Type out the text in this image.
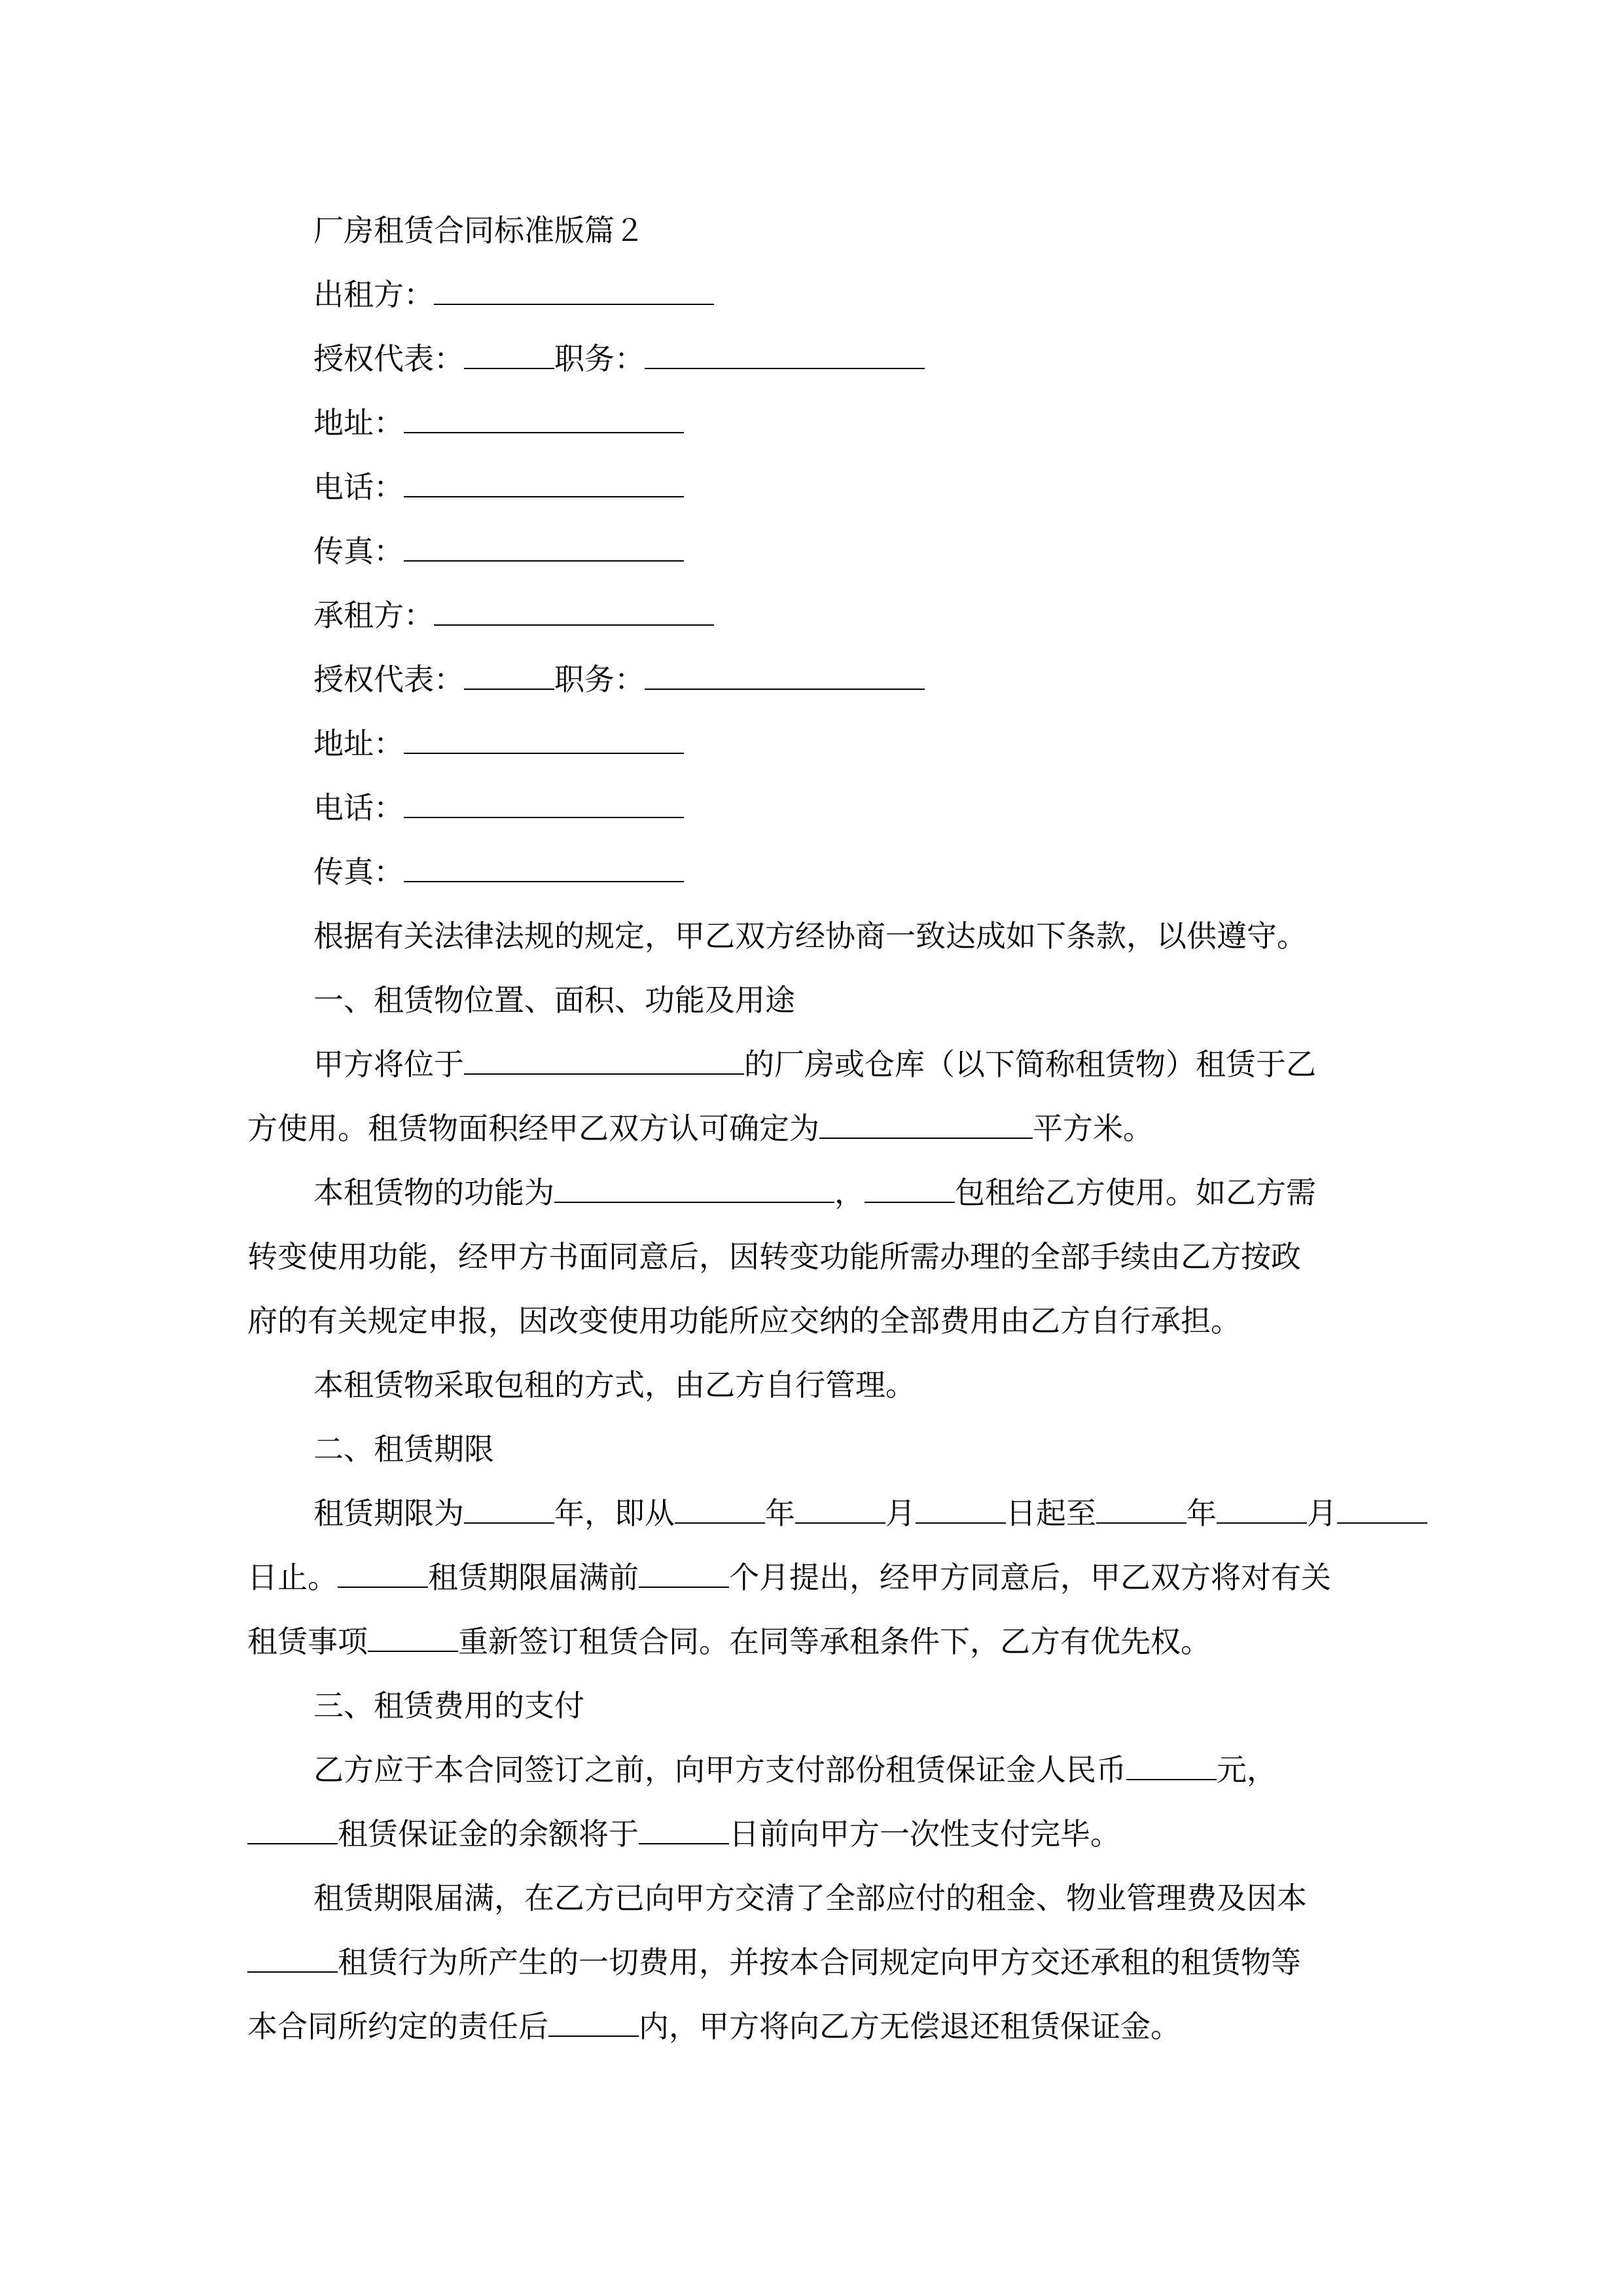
厂房租赁合同标准版篇２
出租方：
授权代表：	职务：
地址：
电话：
传真：
承租方：
授权代表：	职务：
地址：
电话：
传真：
根据有关法律法规的规定，甲乙双方经协商一致达成如下条款，以供遵守。
一、租赁物位置、面积、功能及用途
甲方将位于	的厂房或仓库（以下简称租赁物）租赁于乙
方使用。租赁物面积经甲乙双方认可确定为	平方米。
本租赁物的功能为	，	包租给乙方使用。如乙方需
转变使用功能，经甲方书面同意后，因转变功能所需办理的全部手续由乙方按政
府的有关规定申报，因改变使用功能所应交纳的全部费用由乙方自行承担。
本租赁物采取包租的方式，由乙方自行管理。
二、租赁期限
租赁期限为	年，即从	年	月	日起至	年	月
日止。	租赁期限届满前	个月提出，经甲方同意后，甲乙双方将对有关
租赁事项	重新签订租赁合同。在同等承租条件下，乙方有优先权。
三、租赁费用的支付
乙方应于本合同签订之前，向甲方支付部份租赁保证金人民币	元，
租赁保证金的余额将于	日前向甲方一次性支付完毕。
租赁期限届满，在乙方已向甲方交清了全部应付的租金、物业管理费及因本
租赁行为所产生的一切费用，并按本合同规定向甲方交还承租的租赁物等
本合同所约定的责任后	内，甲方将向乙方无偿退还租赁保证金。
